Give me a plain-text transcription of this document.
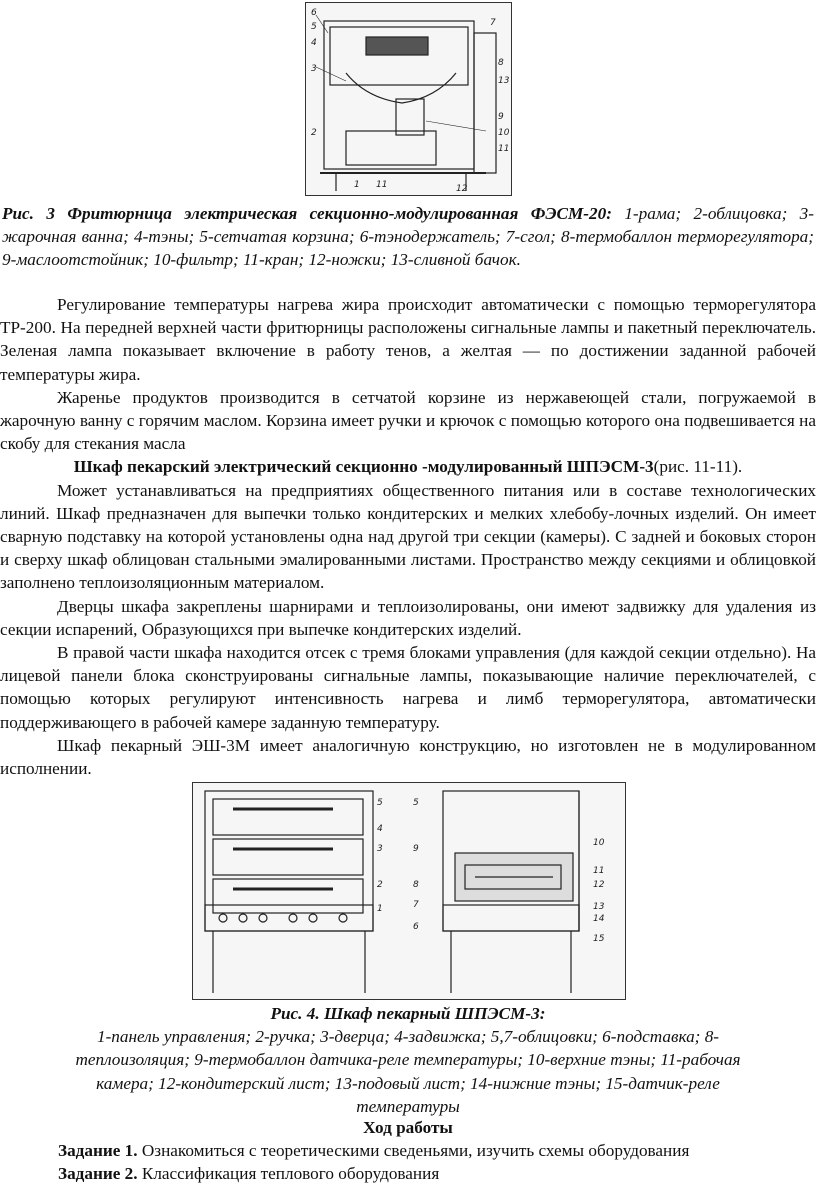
6
5
4
3
2
1
7
8
9
10
11
12
13
11
Рис. 3 Фритюрница электрическая секционно-модулированная ФЭСМ-20: 1-рама; 2-облицовка; 3-жарочная ванна; 4-тэны; 5-сетчатая корзина; 6-тэнодержатель; 7-сгол; 8-термобаллон терморегулятора; 9-маслоотстойник; 10-фильтр; 11-кран; 12-ножки; 13-сливной бачок.

Регулирование температуры нагрева жира происходит автоматически с помощью терморегулятора ТР-200. На передней верхней части фритюрницы расположены сигнальные лампы и пакетный переключатель. Зеленая лампа показывает включение в работу тенов, а желтая — по достижении заданной рабочей температуры жира.

Жаренье продуктов производится в сетчатой корзине из нержавеющей стали, погружаемой в жарочную ванну с горячим маслом. Корзина имеет ручки и крючок с помощью которого она подвешивается на скобу для стекания масла

Шкаф пекарский электрический секционно -модулированный ШПЭСМ-3(рис. 11-11).

Может устанавливаться на предприятиях общественного питания или в составе технологических линий. Шкаф предназначен для выпечки только кондитерских и мелких хлебобу-лочных изделий. Он имеет сварную подставку на которой установлены одна над другой три секции (камеры). С задней и боковых сторон и сверху шкаф облицован стальными эмалированными листами. Пространство между секциями и облицовкой заполнено теплоизоляционным материалом.

Дверцы шкафа закреплены шарнирами и теплоизолированы, они имеют задвижку для удаления из секции испарений, Образующихся при выпечке кондитерских изделий.

В правой части шкафа находится отсек с тремя блоками управления (для каждой секции отдельно). На лицевой панели блока сконструированы сигнальные лампы, показывающие наличие переключателей, с помощью которых регулируют интенсивность нагрева и лимб терморегулятора, автоматически поддерживающего в рабочей камере заданную температуру.

Шкаф пекарный ЭШ-3М имеет аналогичную конструкцию, но изготовлен не в модулированном исполнении.

5
4
3
2
1
5
9
8
7
6
10
11
12
13
14
15
Рис. 4. Шкаф пекарный ШПЭСМ-3:
1-панель управления; 2-ручка; 3-дверца; 4-задвижка; 5,7-облицовки; 6-подставка; 8-
теплоизоляция; 9-термобаллон датчика-реле температуры; 10-верхние тэны; 11-рабочая
камера; 12-кондитерский лист; 13-подовый лист; 14-нижние тэны; 15-датчик-реле
температуры
Ход работы
Задание 1. Ознакомиться с теоретическими сведеньями, изучить схемы оборудования
Задание 2. Классификация теплового оборудования
